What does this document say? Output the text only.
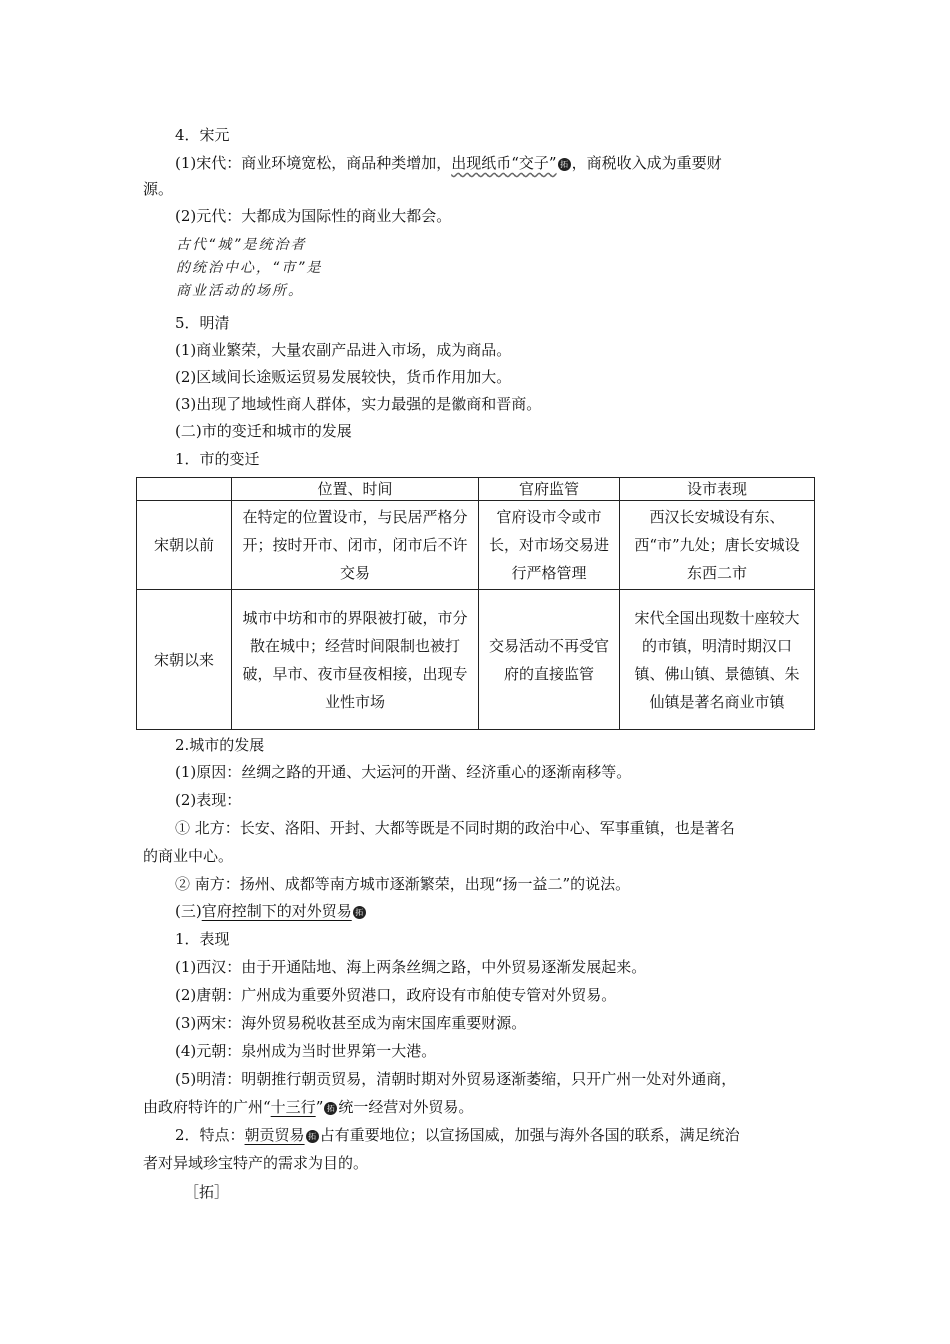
4．宋元
(1)宋代：商业环境宽松，商品种类增加，出现纸币“交子” 拓 ，商税收入成为重要财
源。
(2)元代：大都成为国际性的商业大都会。
古代“城”是统治者
的统治中心，“市”是
商业活动的场所。
5．明清
(1)商业繁荣，大量农副产品进入市场，成为商品。
(2)区域间长途贩运贸易发展较快，货币作用加大。
(3)出现了地域性商人群体，实力最强的是徽商和晋商。
(二)市的变迁和城市的发展
1．市的变迁
	位置、时间	官府监管	设市表现
宋朝以前	在特定的位置设市，与民居严格分开；按时开市、闭市，闭市后不许交易	官府设市令或市长，对市场交易进行严格管理	西汉长安城设有东、西“市”九处；唐长安城设东西二市
宋朝以来	城市中坊和市的界限被打破，市分散在城中；经营时间限制也被打破，早市、夜市昼夜相接，出现专业性市场	交易活动不再受官府的直接监管	宋代全国出现数十座较大的市镇，明清时期汉口镇、佛山镇、景德镇、朱仙镇是著名商业市镇
2.城市的发展
(1)原因：丝绸之路的开通、大运河的开凿、经济重心的逐渐南移等。
(2)表现：
① 北方：长安、洛阳、开封、大都等既是不同时期的政治中心、军事重镇，也是著名
的商业中心。
② 南方：扬州、成都等南方城市逐渐繁荣，出现“扬一益二”的说法。
(三)官府控制下的对外贸易 拓
1．表现
(1)西汉：由于开通陆地、海上两条丝绸之路，中外贸易逐渐发展起来。
(2)唐朝：广州成为重要外贸港口，政府设有市舶使专管对外贸易。
(3)两宋：海外贸易税收甚至成为南宋国库重要财源。
(4)元朝：泉州成为当时世界第一大港。
(5)明清：明朝推行朝贡贸易，清朝时期对外贸易逐渐萎缩，只开广州一处对外通商，
由政府特许的广州“十三行” 拓 统一经营对外贸易。
2．特点：朝贡贸易 拓 占有重要地位；以宣扬国威，加强与海外各国的联系，满足统治
者对异域珍宝特产的需求为目的。
［拓］
